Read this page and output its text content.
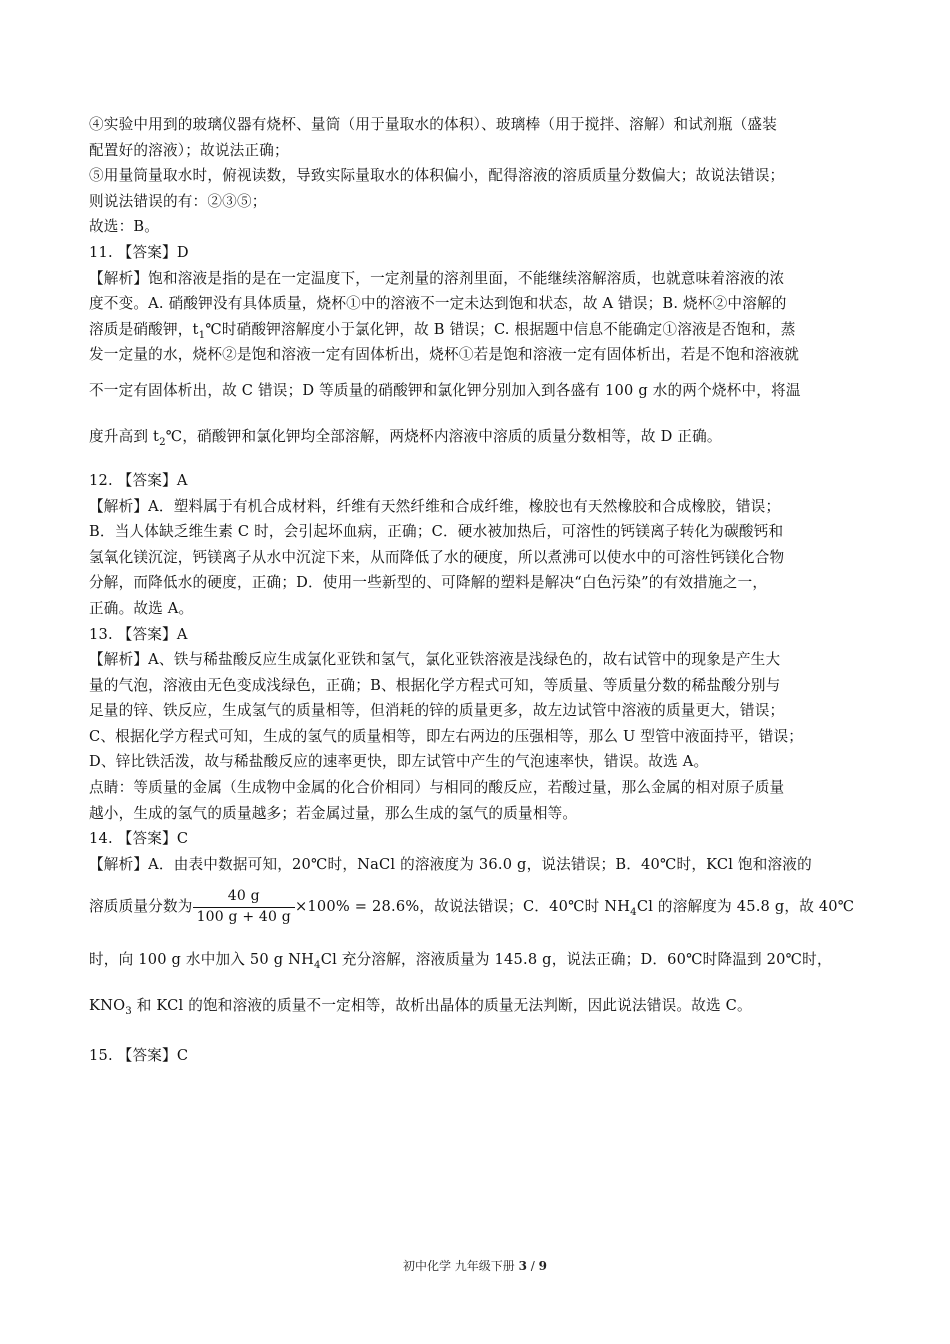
④实验中用到的玻璃仪器有烧杯、量筒（用于量取水的体积）、玻璃棒（用于搅拌、溶解）和试剂瓶（盛装
配置好的溶液）；故说法正确；
⑤用量筒量取水时，俯视读数，导致实际量取水的体积偏小，配得溶液的溶质质量分数偏大；故说法错误；
则说法错误的有：②③⑤；
故选：B。
11. 【答案】D
【解析】饱和溶液是指的是在一定温度下，一定剂量的溶剂里面，不能继续溶解溶质，也就意味着溶液的浓
度不变。A. 硝酸钾没有具体质量，烧杯①中的溶液不一定未达到饱和状态，故 A 错误；B. 烧杯②中溶解的
溶质是硝酸钾，$t_1℃$时硝酸钾溶解度小于氯化钾，故 B 错误；C. 根据题中信息不能确定①溶液是否饱和，蒸
发一定量的水，烧杯②是饱和溶液一定有固体析出，烧杯①若是饱和溶液一定有固体析出，若是不饱和溶液就
不一定有固体析出，故 C 错误；D 等质量的硝酸钾和氯化钾分别加入到各盛有 100 g 水的两个烧杯中，将温
度升高到 $t_2℃$，硝酸钾和氯化钾均全部溶解，两烧杯内溶液中溶质的质量分数相等，故 D 正确。
12. 【答案】A
【解析】A．塑料属于有机合成材料，纤维有天然纤维和合成纤维，橡胶也有天然橡胶和合成橡胶，错误；
B．当人体缺乏维生素 C 时，会引起坏血病，正确；C．硬水被加热后，可溶性的钙镁离子转化为碳酸钙和
氢氧化镁沉淀，钙镁离子从水中沉淀下来，从而降低了水的硬度，所以煮沸可以使水中的可溶性钙镁化合物
分解，而降低水的硬度，正确；D．使用一些新型的、可降解的塑料是解决“白色污染”的有效措施之一，
正确。故选 A。
13. 【答案】A
【解析】A、铁与稀盐酸反应生成氯化亚铁和氢气，氯化亚铁溶液是浅绿色的，故右试管中的现象是产生大
量的气泡，溶液由无色变成浅绿色，正确；B、根据化学方程式可知，等质量、等质量分数的稀盐酸分别与
足量的锌、铁反应，生成氢气的质量相等，但消耗的锌的质量更多，故左边试管中溶液的质量更大，错误；
C、根据化学方程式可知，生成的氢气的质量相等，即左右两边的压强相等，那么 U 型管中液面持平，错误；
D、锌比铁活泼，故与稀盐酸反应的速率更快，即左试管中产生的气泡速率快，错误。故选 A。
点睛：等质量的金属（生成物中金属的化合价相同）与相同的酸反应，若酸过量，那么金属的相对原子质量
越小，生成的氢气的质量越多；若金属过量，那么生成的氢气的质量相等。
14. 【答案】C
【解析】A．由表中数据可知，20℃时，NaCl 的溶液度为 36.0 g，说法错误；B．40℃时，KCl 饱和溶液的
溶质质量分数为 $\frac{40 g}{100 g + 40 g} \times 100\% = 28.6\%$，故说法错误；C．40℃时 $NH_4Cl$ 的溶解度为 45.8 g，故 40℃
时，向 100 g 水中加入 50 g $NH_4Cl$ 充分溶解，溶液质量为 145.8 g，说法正确；D．60℃时降温到 20℃时，
$KNO_3$ 和 KCl 的饱和溶液的质量不一定相等，故析出晶体的质量无法判断，因此说法错误。故选 C。
15. 【答案】C
初中化学 九年级下册 3 / 9
